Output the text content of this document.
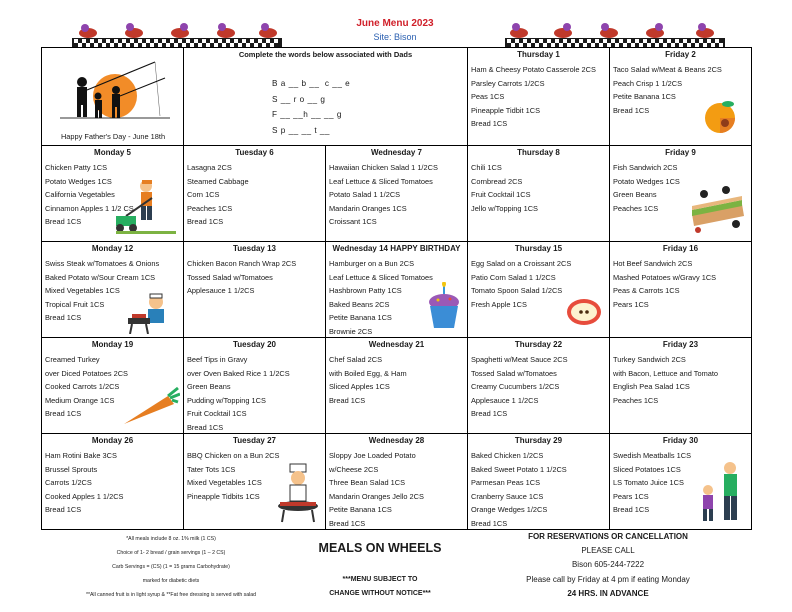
June Menu 2023
Site: Bison
Happy Father's Day - June 18th
Complete the words below associated with Dads
B a __ b __  c __ e
S __ r o __ g
F __ __h __ __ g
S p __ __ t __
Thursday 1
Ham & Cheesy Potato Casserole 2CS
Parsley Carrots 1/2CS
Peas 1CS
Pineapple Tidbit 1CS
Bread 1CS
Friday 2
Taco Salad w/Meat & Beans 2CS
Peach Crisp 1 1/2CS
Petite Banana 1CS
Bread 1CS
Monday 5
Chicken Patty 1CS
Potato Wedges 1CS
California Vegetables
Cinnamon Apples 1 1/2 CS
Bread 1CS
Tuesday 6
Lasagna 2CS
Steamed Cabbage
Corn 1CS
Peaches 1CS
Bread 1CS
Wednesday 7
Hawaiian Chicken Salad 1 1/2CS
Leaf Lettuce & Sliced Tomatoes
Potato Salad 1 1/2CS
Mandarin Oranges 1CS
Croissant 1CS
Thursday 8
Chili 1CS
Cornbread 2CS
Fruit Cocktail 1CS
Jello w/Topping 1CS
Friday 9
Fish Sandwich 2CS
Potato Wedges 1CS
Green Beans
Peaches 1CS
Monday 12
Swiss Steak w/Tomatoes & Onions
Baked Potato w/Sour Cream 1CS
Mixed Vegetables 1CS
Tropical Fruit 1CS
Bread 1CS
Tuesday 13
Chicken Bacon Ranch Wrap 2CS
Tossed Salad w/Tomatoes
Applesauce 1 1/2CS
Wednesday 14 HAPPY BIRTHDAY
Hamburger on a Bun 2CS
Leaf Lettuce & Sliced Tomatoes
Hashbrown Patty 1CS
Baked Beans 2CS
Petite Banana 1CS
Brownie 2CS
Thursday 15
Egg Salad on a Croissant 2CS
Patio Corn Salad 1 1/2CS
Tomato Spoon Salad 1/2CS
Fresh Apple 1CS
Friday 16
Hot Beef Sandwich 2CS
Mashed Potatoes w/Gravy 1CS
Peas & Carrots 1CS
Pears 1CS
Monday 19
Creamed Turkey
over Diced Potatoes 2CS
Cooked Carrots 1/2CS
Medium Orange 1CS
Bread 1CS
Tuesday 20
Beef Tips in Gravy
over Oven Baked Rice 1 1/2CS
Green Beans
Pudding w/Topping 1CS
Fruit Cocktail 1CS
Bread 1CS
Wednesday 21
Chef Salad 2CS
with Boiled Egg, & Ham
Sliced Apples 1CS
Bread 1CS
Thursday 22
Spaghetti w/Meat Sauce 2CS
Tossed Salad w/Tomatoes
Creamy Cucumbers 1/2CS
Applesauce 1 1/2CS
Bread 1CS
Friday 23
Turkey Sandwich 2CS
with Bacon, Lettuce and Tomato
English Pea Salad 1CS
Peaches 1CS
Monday 26
Ham Rotini Bake 3CS
Brussel Sprouts
Carrots 1/2CS
Cooked Apples 1 1/2CS
Bread 1CS
Tuesday 27
BBQ Chicken on a Bun 2CS
Tater Tots 1CS
Mixed Vegetables 1CS
Pineapple Tidbits 1CS
Wednesday 28
Sloppy Joe Loaded Potato
w/Cheese 2CS
Three Bean Salad 1CS
Mandarin Oranges Jello 2CS
Petite Banana 1CS
Bread 1CS
Thursday 29
Baked Chicken 1/2CS
Baked Sweet Potato 1 1/2CS
Parmesan Peas 1CS
Cranberry Sauce 1CS
Orange Wedges 1/2CS
Bread 1CS
Friday 30
Swedish Meatballs 1CS
Sliced Potatoes 1CS
LS Tomato Juice 1CS
Pears 1CS
Bread 1CS
*All meals include 8 oz. 1% milk (1 CS)
Choice of 1- 2 bread / grain servings (1 – 2 CS)
Carb Servings = (CS) (1 = 15 grams Carbohydrate)
marked for diabetic diets
**All canned fruit is in light syrup & **Fat free dressing is served with salad
MEALS ON WHEELS
***MENU SUBJECT TO
CHANGE WITHOUT NOTICE***
FOR RESERVATIONS OR CANCELLATION
PLEASE CALL
Bison 605-244-7222
Please call by Friday at 4 pm if eating Monday
24 HRS. IN ADVANCE
